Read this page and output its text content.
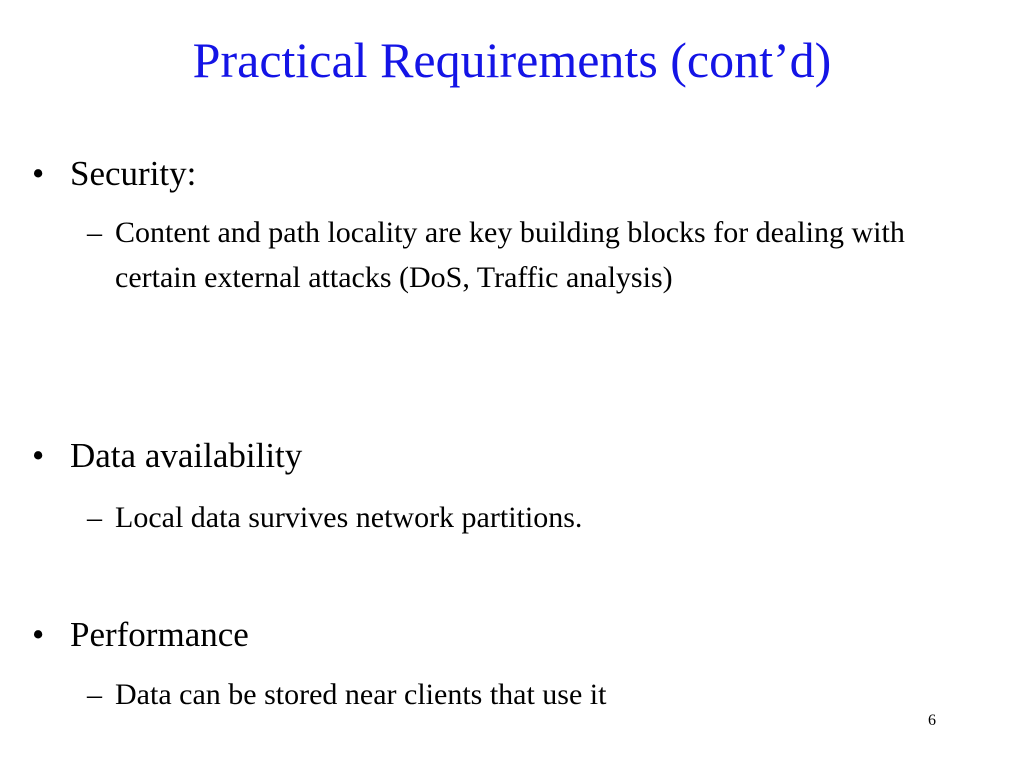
Practical Requirements (cont’d)
• Security:
– Content and path locality are key building blocks for dealing with certain external attacks (DoS, Traffic analysis)
• Data availability
– Local data survives network partitions.
• Performance
– Data can be stored near clients that use it
6
